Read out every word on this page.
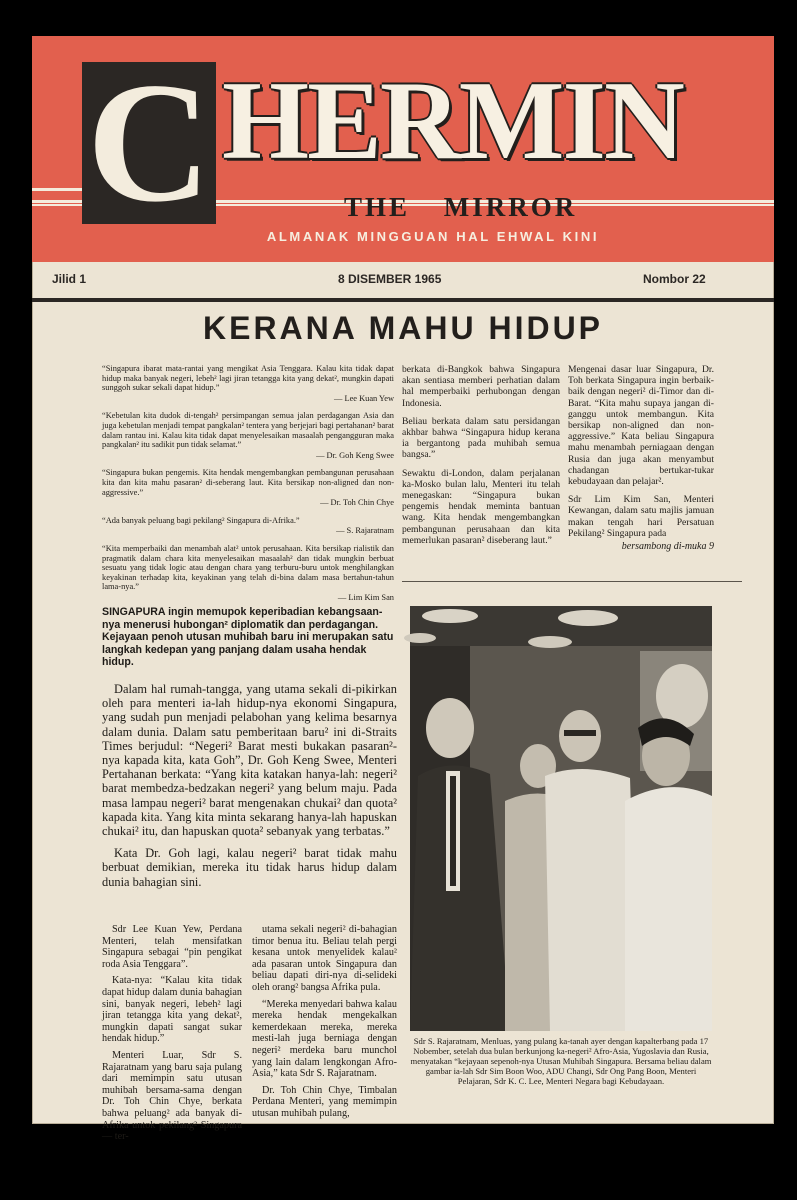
C HERMIN
THE MIRROR
ALMANAK MINGGUAN HAL EHWAL KINI
Jilid 1	8 DISEMBER 1965	Nombor 22
KERANA MAHU HIDUP

“Singapura ibarat mata-rantai yang mengikat Asia Tenggara. Kalau kita tidak dapat hidup maka banyak negeri, lebeh² lagi jiran tetangga kita yang dekat², mungkin dapati sunggoh sukar sekali dapat hidup.”

— Lee Kuan Yew

“Kebetulan kita dudok di-tengah² persimpangan semua jalan perdagangan Asia dan juga kebetulan menjadi tempat pangkalan² tentera yang berjejari bagi pertahanan² barat dalam rantau ini. Kalau kita tidak dapat menyelesaikan masaalah pengangguran maka pangkalan² itu sadikit pun tidak selamat.”

— Dr. Goh Keng Swee

“Singapura bukan pengemis. Kita hendak mengembangkan pembangunan perusahaan kita dan kita mahu pasaran² di-seberang laut. Kita bersikap non-aligned dan non-aggressive.”

— Dr. Toh Chin Chye

“Ada banyak peluang bagi pekilang² Singapura di-Afrika.”

— S. Rajaratnam

“Kita memperbaiki dan menambah alat² untok perusahaan. Kita bersikap rialistik dan pragmatik dalam chara kita menyelesaikan masaalah² dan tidak mungkin berbuat sesuatu yang tidak logic atau dengan chara yang terburu-buru untok menghilangkan keyakinan terhadap kita, keyakinan yang telah di-bina dalam masa bertahun-tahun lama-nya.”

— Lim Kim San

berkata di-Bangkok bahwa Singapura akan sentiasa memberi perhatian dalam hal memperbaiki perhubongan dengan Indonesia.

Beliau berkata dalam satu persidangan akhbar bahwa “Singapura hidup kerana ia bergantong pada muhibah semua bangsa.”

Sewaktu di-London, dalam perjalanan ka-Mosko bulan lalu, Menteri itu telah menegaskan: “Singapura bukan pengemis hendak meminta bantuan wang. Kita hendak mengembangkan pembangunan perusahaan dan kita memerlukan pasaran² diseberang laut.”

Mengenai dasar luar Singapura, Dr. Toh berkata Singapura ingin berbaik-baik dengan negeri² di-Timor dan di-Barat. “Kita mahu supaya jangan di-ganggu untok membangun. Kita bersikap non-aligned dan non-aggressive.” Kata beliau Singapura mahu menambah perniagaan dengan Rusia dan juga akan menyambut chadangan bertukar-tukar kebudayaan dan pelajar².

Sdr Lim Kim San, Menteri Kewangan, dalam satu majlis jamuan makan tengah hari Persatuan Pekilang² Singapura pada

bersambong di-muka 9

SINGAPURA ingin memupok keperibadian kebangsaan-nya menerusi hubongan² diplomatik dan perdagangan. Kejayaan penoh utusan muhibah baru ini merupakan satu langkah kedepan yang panjang dalam usaha hendak hidup.

Dalam hal rumah-tangga, yang utama sekali di-pikirkan oleh para menteri ia-lah hidup-nya ekonomi Singapura, yang sudah pun menjadi pelabohan yang kelima besarnya dalam dunia. Dalam satu pemberitaan baru² ini di-Straits Times berjudul: “Negeri² Barat mesti bukakan pasaran²-nya kapada kita, kata Goh”, Dr. Goh Keng Swee, Menteri Pertahanan berkata: “Yang kita katakan hanya-lah: negeri² barat membedza-bedzakan negeri² yang belum maju. Pada masa lampau negeri² barat mengenakan chukai² dan quota² kapada kita. Yang kita minta sekarang hanya-lah hapuskan chukai² itu, dan hapuskan quota² sebanyak yang terbatas.”

Kata Dr. Goh lagi, kalau negeri² barat tidak mahu berbuat demikian, mereka itu tidak harus hidup dalam dunia bahagian sini.

Sdr Lee Kuan Yew, Perdana Menteri, telah mensifatkan Singapura sebagai “pin pengikat roda Asia Tenggara”.

Kata-nya: “Kalau kita tidak dapat hidup dalam dunia bahagian sini, banyak negeri, lebeh² lagi jiran tetangga kita yang dekat², mungkin dapati sangat sukar hendak hidup.”

Menteri Luar, Sdr S. Rajaratnam yang baru saja pulang dari memimpin satu utusan muhibah bersama-sama dengan Dr. Toh Chin Chye, berkata bahwa peluang² ada banyak di-Afrika untok pekilang² Singapura — ter-

utama sekali negeri² di-bahagian timor benua itu. Beliau telah pergi kesana untok menyelidek kalau² ada pasaran untok Singapura dan beliau dapati diri-nya di-selideki oleh orang² bangsa Afrika pula.

“Mereka menyedari bahwa kalau mereka hendak mengekalkan kemerdekaan mereka, mereka mesti-lah juga berniaga dengan negeri² merdeka baru munchol yang lain dalam lengkongan Afro-Asia,” kata Sdr S. Rajaratnam.

Dr. Toh Chin Chye, Timbalan Perdana Menteri, yang memimpin utusan muhibah pulang,

Sdr S. Rajaratnam, Menluas, yang pulang ka-tanah ayer dengan kapalterbang pada 17 Nobember, setelah dua bulan berkunjong ka-negeri² Afro-Asia, Yugoslavia dan Rusia, menyatakan “kejayaan sepenoh-nya Utusan Muhibah Singapura. Bersama beliau dalam gambar ia-lah Sdr Sim Boon Woo, ADU Changi, Sdr Ong Pang Boon, Menteri Pelajaran, Sdr K. C. Lee, Menteri Negara bagi Kebudayaan.
